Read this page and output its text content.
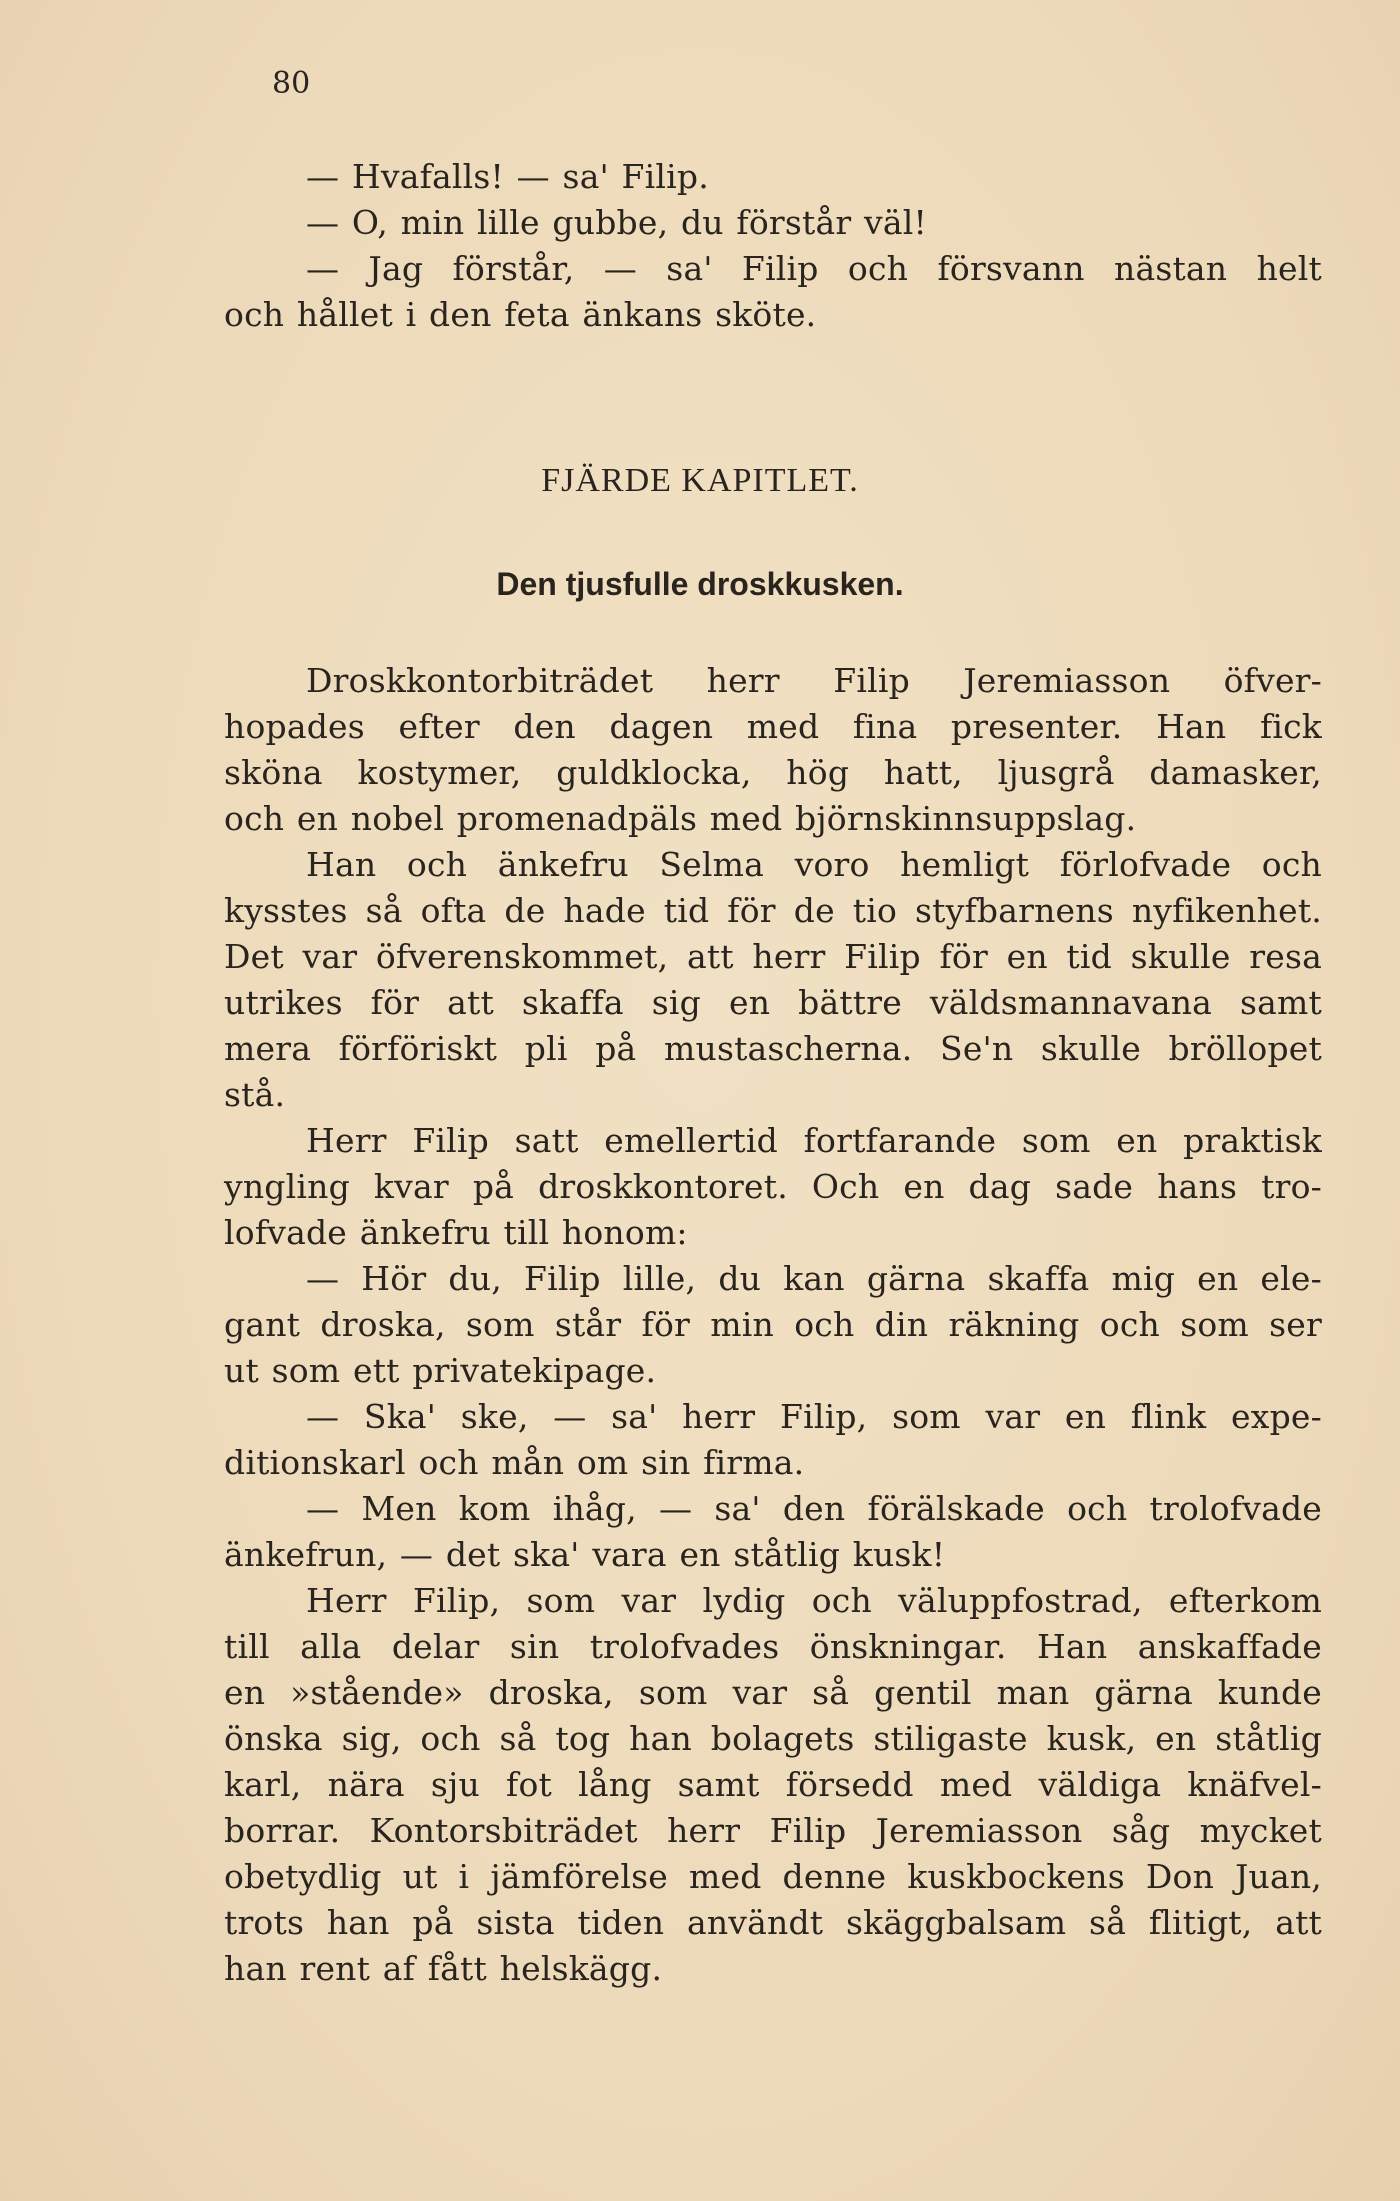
80
— Hvafalls! — sa' Filip.
— O, min lille gubbe, du förstår väl!
— Jag förstår, — sa' Filip och försvann nästan helt
och hållet i den feta änkans sköte.
FJÄRDE KAPITLET.
Den tjusfulle droskkusken.
Droskkontorbiträdet herr Filip Jeremiasson öfver-
hopades efter den dagen med fina presenter. Han fick
sköna kostymer, guldklocka, hög hatt, ljusgrå damasker,
och en nobel promenadpäls med björnskinnsuppslag.
Han och änkefru Selma voro hemligt förlofvade och
kysstes så ofta de hade tid för de tio styfbarnens nyfikenhet.
Det var öfverenskommet, att herr Filip för en tid skulle resa
utrikes för att skaffa sig en bättre väldsmannavana samt
mera förföriskt pli på mustascherna. Se'n skulle bröllopet
stå.
Herr Filip satt emellertid fortfarande som en praktisk
yngling kvar på droskkontoret. Och en dag sade hans tro-
lofvade änkefru till honom:
— Hör du, Filip lille, du kan gärna skaffa mig en ele-
gant droska, som står för min och din räkning och som ser
ut som ett privatekipage.
— Ska' ske, — sa' herr Filip, som var en flink expe-
ditionskarl och mån om sin firma.
— Men kom ihåg, — sa' den förälskade och trolofvade
änkefrun, — det ska' vara en ståtlig kusk!
Herr Filip, som var lydig och väluppfostrad, efterkom
till alla delar sin trolofvades önskningar. Han anskaffade
en »stående» droska, som var så gentil man gärna kunde
önska sig, och så tog han bolagets stiligaste kusk, en ståtlig
karl, nära sju fot lång samt försedd med väldiga knäfvel-
borrar. Kontorsbiträdet herr Filip Jeremiasson såg mycket
obetydlig ut i jämförelse med denne kuskbockens Don Juan,
trots han på sista tiden användt skäggbalsam så flitigt, att
han rent af fått helskägg.
